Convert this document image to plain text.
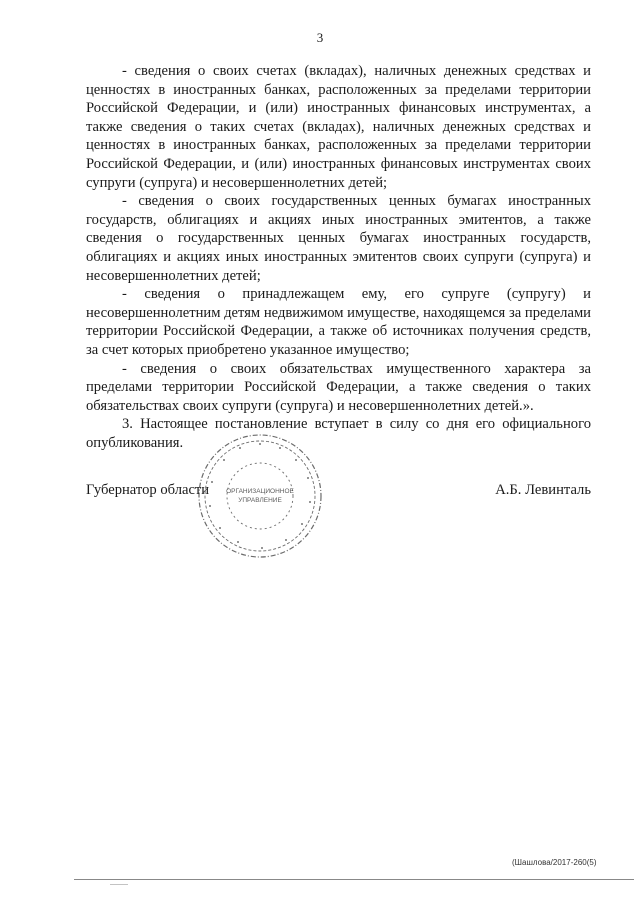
3

- сведения о своих счетах (вкладах), наличных денежных средствах и ценностях в иностранных банках, расположенных за пределами территории Российской Федерации, и (или) иностранных финансовых инструментах, а также сведения о таких счетах (вкладах), наличных денежных средствах и ценностях в иностранных банках, расположенных за пределами территории Российской Федерации, и (или) иностранных финансовых инструментах своих супруги (супруга) и несовершеннолетних детей;

- сведения о своих государственных ценных бумагах иностранных государств, облигациях и акциях иных иностранных эмитентов, а также сведения о государственных ценных бумагах иностранных государств, облигациях и акциях иных иностранных эмитентов своих супруги (супруга) и несовершеннолетних детей;

- сведения о принадлежащем ему, его супруге (супругу) и несовершеннолетним детям недвижимом имуществе, находящемся за пределами территории Российской Федерации, а также об источниках получения средств, за счет которых приобретено указанное имущество;

- сведения о своих обязательствах имущественного характера за пределами территории Российской Федерации, а также сведения о таких обязательствах своих супруги (супруга) и несовершеннолетних детей.».

3. Настоящее постановление вступает в силу со дня его официального опубликования.

Губернатор области	А.Б. Левинталь
ОРГАНИЗАЦИОННОЕ
УПРАВЛЕНИЕ
(Шашлова/2017-260(5)
———
